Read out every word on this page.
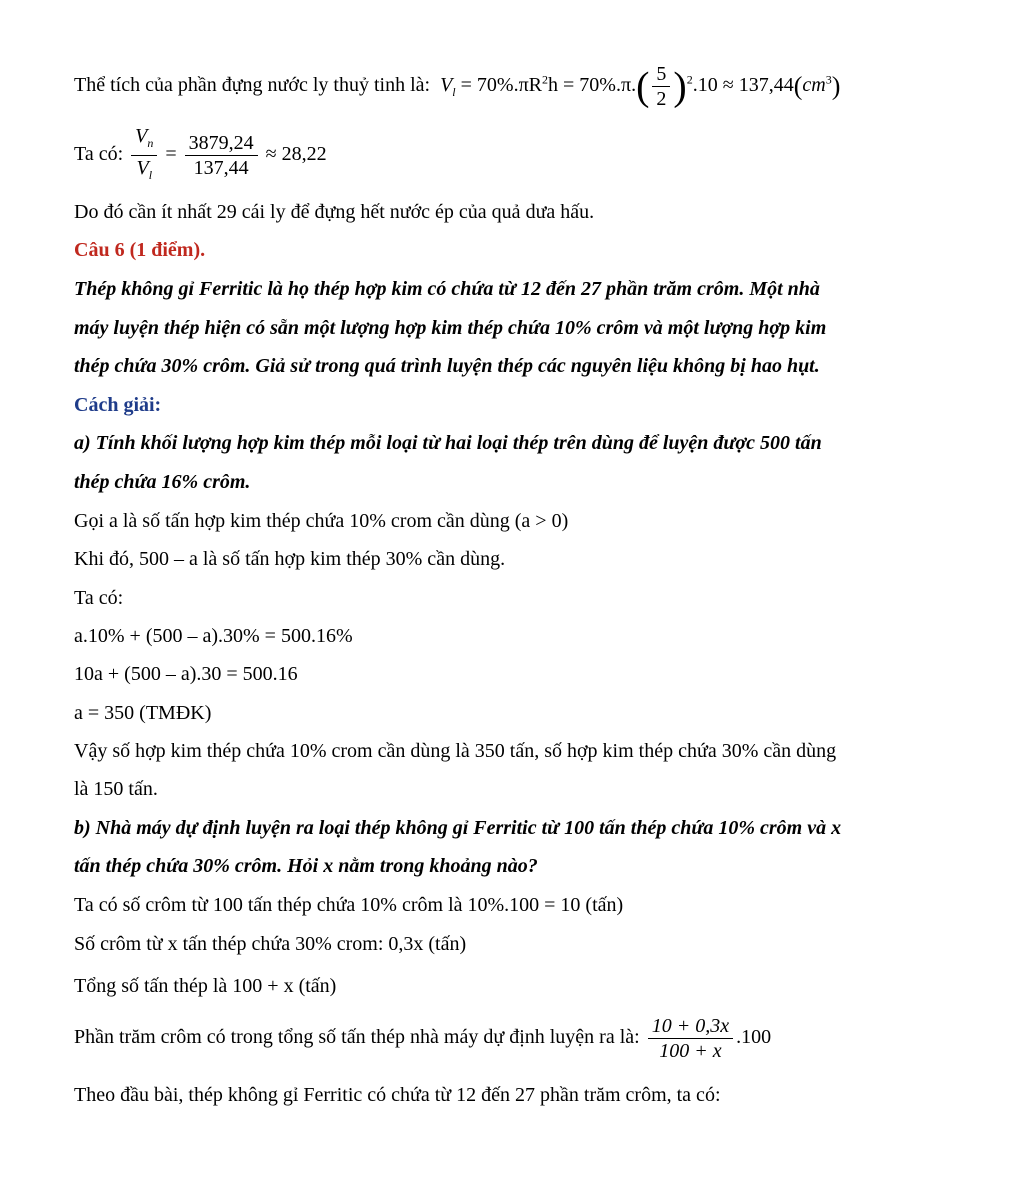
Thể tích của phần đựng nước ly thuỷ tinh là:  $V_l = 70\%.\pi R^2h = 70\%.\pi.( \frac{5}{2} )^2.10 \approx 137,44(cm^3)$
Ta có: $\frac{V_n}{V_l} = \frac{3879,24}{137,44} \approx 28,22$
Do đó cần ít nhất 29 cái ly để đựng hết nước ép của quả dưa hấu.
Câu 6 (1 điểm).
Thép không gỉ Ferritic là họ thép hợp kim có chứa từ 12 đến 27 phần trăm crôm. Một nhà
máy luyện thép hiện có sẵn một lượng hợp kim thép chứa 10% crôm và một lượng hợp kim
thép chứa 30% crôm. Giả sử trong quá trình luyện thép các nguyên liệu không bị hao hụt.
Cách giải:
a) Tính khối lượng hợp kim thép mỗi loại từ hai loại thép trên dùng để luyện được 500 tấn
thép chứa 16% crôm.
Gọi a là số tấn hợp kim thép chứa 10% crom cần dùng (a > 0)
Khi đó, 500 – a là số tấn hợp kim thép 30% cần dùng.
Ta có:
a.10% + (500 – a).30% = 500.16%
10a + (500 – a).30 = 500.16
a = 350 (TMĐK)
Vậy số hợp kim thép chứa 10% crom cần dùng là 350 tấn, số hợp kim thép chứa 30% cần dùng
là 150 tấn.
b) Nhà máy dự định luyện ra loại thép không gỉ Ferritic từ 100 tấn thép chứa 10% crôm và x
tấn thép chứa 30% crôm. Hỏi x nằm trong khoảng nào?
Ta có số crôm từ 100 tấn thép chứa 10% crôm là 10%.100 = 10 (tấn)
Số crôm từ x tấn thép chứa 30% crom: 0,3x (tấn)
Tổng số tấn thép là 100 + x (tấn)
Phần trăm crôm có trong tổng số tấn thép nhà máy dự định luyện ra là: $\frac{10 + 0,3x}{100 + x} .100$
Theo đầu bài, thép không gỉ Ferritic có chứa từ 12 đến 27 phần trăm crôm, ta có:
